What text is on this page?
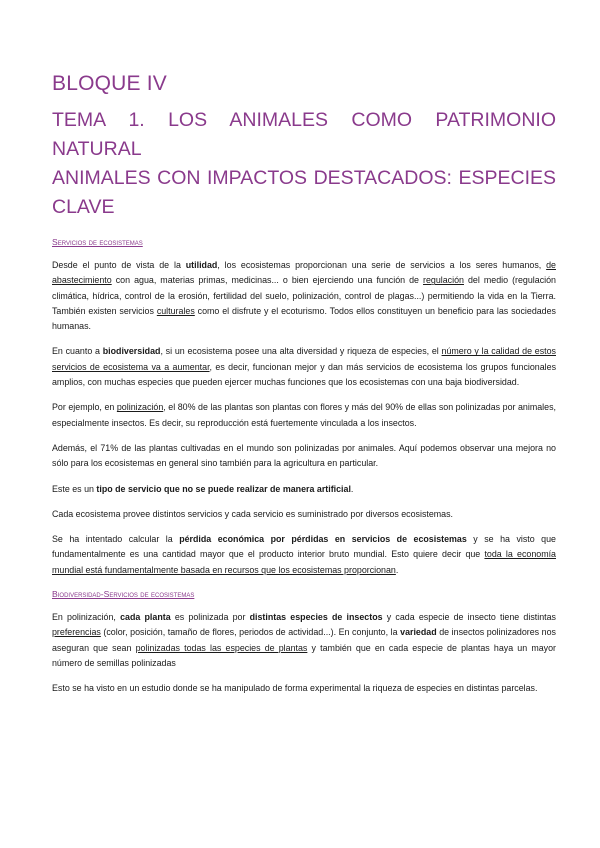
BLOQUE IV
TEMA 1. LOS ANIMALES COMO PATRIMONIO
NATURAL
ANIMALES CON IMPACTOS DESTACADOS: ESPECIES
CLAVE
Servicios de ecosistemas

Desde el punto de vista de la utilidad, los ecosistemas proporcionan una serie de servicios a los seres humanos, de abastecimiento con agua, materias primas, medicinas... o bien ejerciendo una función de regulación del medio (regulación climática, hídrica, control de la erosión, fertilidad del suelo, polinización, control de plagas...) permitiendo la vida en la Tierra. También existen servicios culturales como el disfrute y el ecoturismo. Todos ellos constituyen un beneficio para las sociedades humanas.

En cuanto a biodiversidad, si un ecosistema posee una alta diversidad y riqueza de especies, el número y la calidad de estos servicios de ecosistema va a aumentar, es decir, funcionan mejor y dan más servicios de ecosistema los grupos funcionales amplios, con muchas especies que pueden ejercer muchas funciones que los ecosistemas con una baja biodiversidad.

Por ejemplo, en polinización, el 80% de las plantas son plantas con flores y más del 90% de ellas son polinizadas por animales, especialmente insectos. Es decir, su reproducción está fuertemente vinculada a los insectos.

Además, el 71% de las plantas cultivadas en el mundo son polinizadas por animales. Aquí podemos observar una mejora no sólo para los ecosistemas en general sino también para la agricultura en particular.

Este es un tipo de servicio que no se puede realizar de manera artificial.

Cada ecosistema provee distintos servicios y cada servicio es suministrado por diversos ecosistemas.

Se ha intentado calcular la pérdida económica por pérdidas en servicios de ecosistemas y se ha visto que fundamentalmente es una cantidad mayor que el producto interior bruto mundial. Esto quiere decir que toda la economía mundial está fundamentalmente basada en recursos que los ecosistemas proporcionan.

Biodiversidad-Servicios de ecosistemas

En polinización, cada planta es polinizada por distintas especies de insectos y cada especie de insecto tiene distintas preferencias (color, posición, tamaño de flores, periodos de actividad...). En conjunto, la variedad de insectos polinizadores nos aseguran que sean polinizadas todas las especies de plantas y también que en cada especie de plantas haya un mayor número de semillas polinizadas

Esto se ha visto en un estudio donde se ha manipulado de forma experimental la riqueza de especies en distintas parcelas.
